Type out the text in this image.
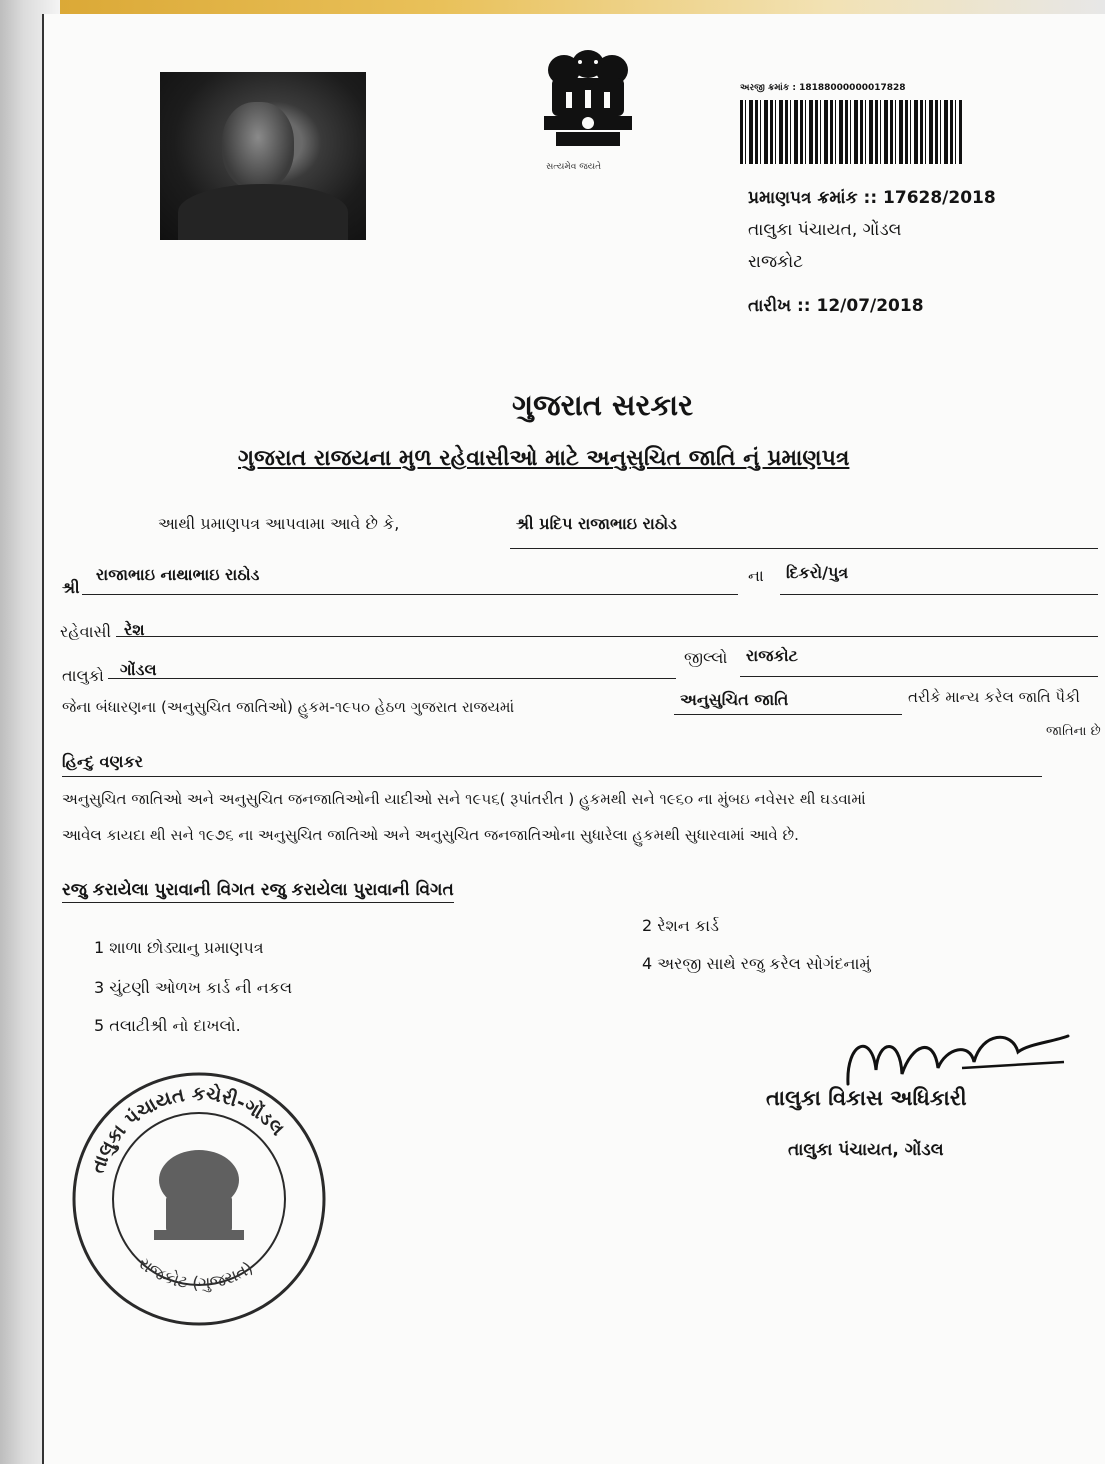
સત્યમેવ જયતે
અરજી ક્રમાંક : 18188000000017828
પ્રમાણપત્ર ક્રમાંક :: 17628/2018
તાલુકા પંચાયત, ગોંડલ
રાજકોટ
તારીખ :: 12/07/2018
ગુજરાત સરકાર
ગુજરાત રાજયના મુળ રહેવાસીઓ માટે અનુસુચિત જાતિ નું પ્રમાણપત્ર
આથી પ્રમાણપત્ર આપવામા આવે છે કે,	શ્રી પ્રદિપ રાજાભાઇ રાઠોડ
શ્રી
રાજાભાઇ નાથાભાઇ રાઠોડ	ના દિકરો/પુત્ર
રહેવાસી રેશ
તાલુકો ગોંડલ
જીલ્લો રાજકોટ
જેના બંધારણના (અનુસુચિત જાતિઓ) હુકમ-૧૯૫૦ હેઠળ ગુજરાત રાજયમાં	અનુસુચિત જાતિ	તરીકે માન્ય કરેલ જાતિ પૈકી
જાતિના છે
હિન્દુ વણકર
અનુસુચિત જાતિઓ અને અનુસુચિત જનજાતિઓની યાદીઓ સને ૧૯૫૬( રૂપાંતરીત ) હુકમથી સને ૧૯૬૦ ના મુંબઇ નવેસર થી ઘડવામાં
આવેલ કાયદા થી સને ૧૯૭૬ ના અનુસુચિત જાતિઓ અને અનુસુચિત જનજાતિઓના સુધારેલા હુકમથી સુધારવામાં આવે છે.
રજુ કરાયેલા પુરાવાની વિગત રજુ કરાયેલા પુરાવાની વિગત
1 શાળા છોડ્યાનુ પ્રમાણપત્ર
2 રેશન કાર્ડ
3 ચુંટણી ઓળખ કાર્ડ ની નકલ
4 અરજી સાથે રજુ કરેલ સોગંદનામું
5 તલાટીશ્રી નો દાખલો.
તાલુકા પંચાયત કચેરી-ગોંડલ
રાજકોટ (ગુજરાત)
તાલુકા વિકાસ અધિકારી
તાલુકા પંચાયત, ગોંડલ
